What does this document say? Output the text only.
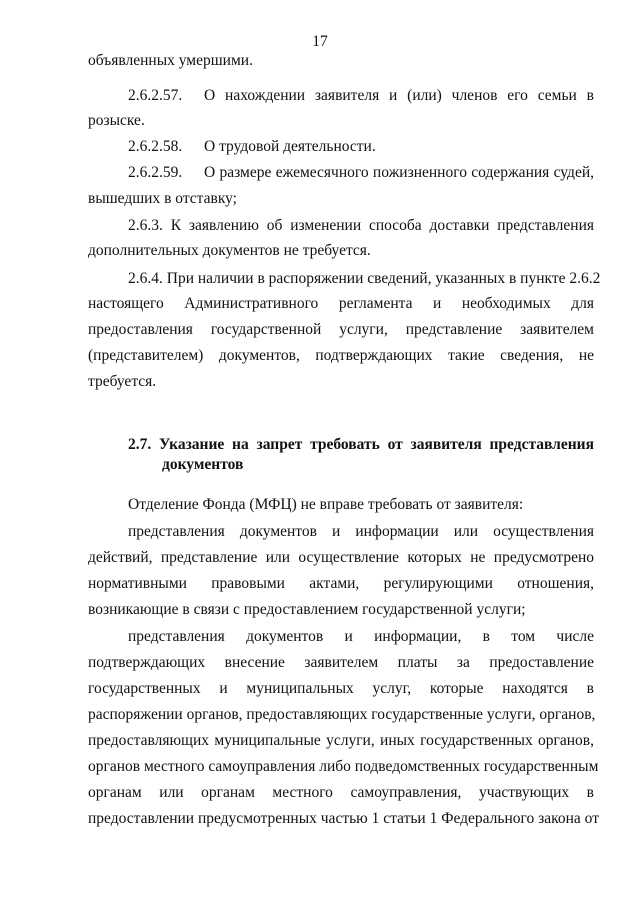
17
объявленных умершими.
2.6.2.57. О нахождении заявителя и (или) членов его семьи в
розыске.
2.6.2.58. О трудовой деятельности.
2.6.2.59. О размере ежемесячного пожизненного содержания судей,
вышедших в отставку;
2.6.3. К заявлению об изменении способа доставки представления
дополнительных документов не требуется.
2.6.4. При наличии в распоряжении сведений, указанных в пункте 2.6.2
настоящего Административного регламента и необходимых для
предоставления государственной услуги, представление заявителем
(представителем) документов, подтверждающих такие сведения, не
требуется.
2.7. Указание на запрет требовать от заявителя представления
документов
Отделение Фонда (МФЦ) не вправе требовать от заявителя:
представления документов и информации или осуществления
действий, представление или осуществление которых не предусмотрено
нормативными правовыми актами, регулирующими отношения,
возникающие в связи с предоставлением государственной услуги;
представления документов и информации, в том числе
подтверждающих внесение заявителем платы за предоставление
государственных и муниципальных услуг, которые находятся в
распоряжении органов, предоставляющих государственные услуги, органов,
предоставляющих муниципальные услуги, иных государственных органов,
органов местного самоуправления либо подведомственных государственным
органам или органам местного самоуправления, участвующих в
предоставлении предусмотренных частью 1 статьи 1 Федерального закона от
